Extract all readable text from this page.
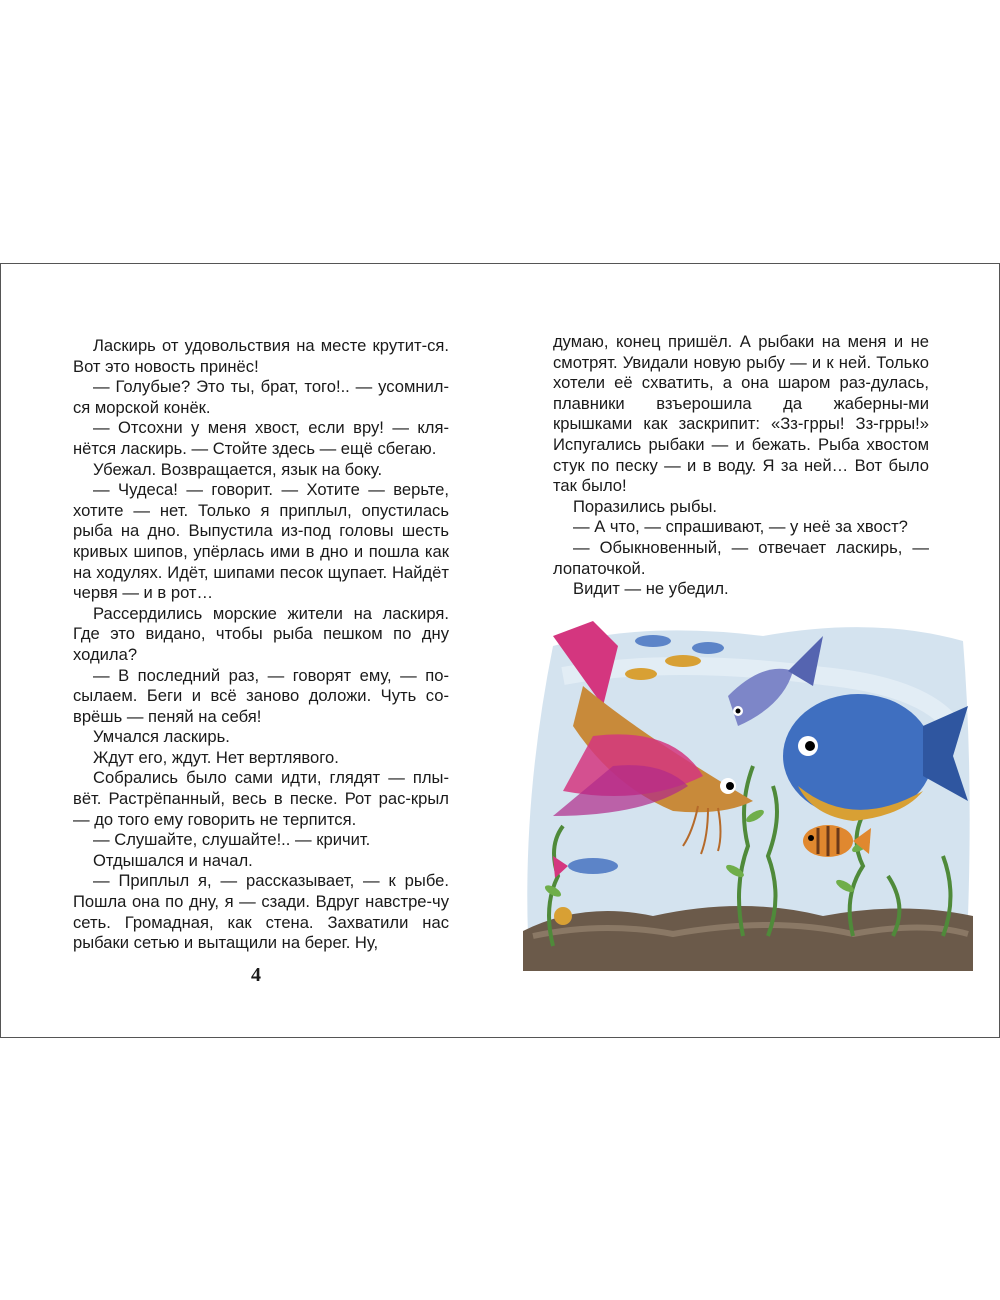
Ласкирь от удовольствия на месте крутит-ся. Вот это новость принёс!

— Голубые? Это ты, брат, того!.. — усомнил-ся морской конёк.

— Отсохни у меня хвост, если вру! — кля-нётся ласкирь. — Стойте здесь — ещё сбегаю.

Убежал. Возвращается, язык на боку.

— Чудеса! — говорит. — Хотите — верьте, хотите — нет. Только я приплыл, опустилась рыба на дно. Выпустила из-под головы шесть кривых шипов, упёрлась ими в дно и пошла как на ходулях. Идёт, шипами песок щупает. Найдёт червя — и в рот…

Рассердились морские жители на ласкиря. Где это видано, чтобы рыба пешком по дну ходила?

— В последний раз, — говорят ему, — по-сылаем. Беги и всё заново доложи. Чуть со-врёшь — пеняй на себя!

Умчался ласкирь.

Ждут его, ждут. Нет вертлявого.

Собрались было сами идти, глядят — плы-вёт. Растрёпанный, весь в песке. Рот рас-крыл — до того ему говорить не терпится.

— Слушайте, слушайте!.. — кричит.

Отдышался и начал.

— Приплыл я, — рассказывает, — к рыбе. Пошла она по дну, я — сзади. Вдруг навстре-чу сеть. Громадная, как стена. Захватили нас рыбаки сетью и вытащили на берег. Ну,

4

думаю, конец пришёл. А рыбаки на меня и не смотрят. Увидали новую рыбу — и к ней. Только хотели её схватить, а она шаром раз-дулась, плавники взъерошила да жаберны-ми крышками как заскрипит: «Зз-грры! Зз-грры!» Испугались рыбаки — и бежать. Рыба хвостом стук по песку — и в воду. Я за ней… Вот было так было!

Поразились рыбы.

— А что, — спрашивают, — у неё за хвост?

— Обыкновенный, — отвечает ласкирь, — лопаточкой.

Видит — не убедил.
